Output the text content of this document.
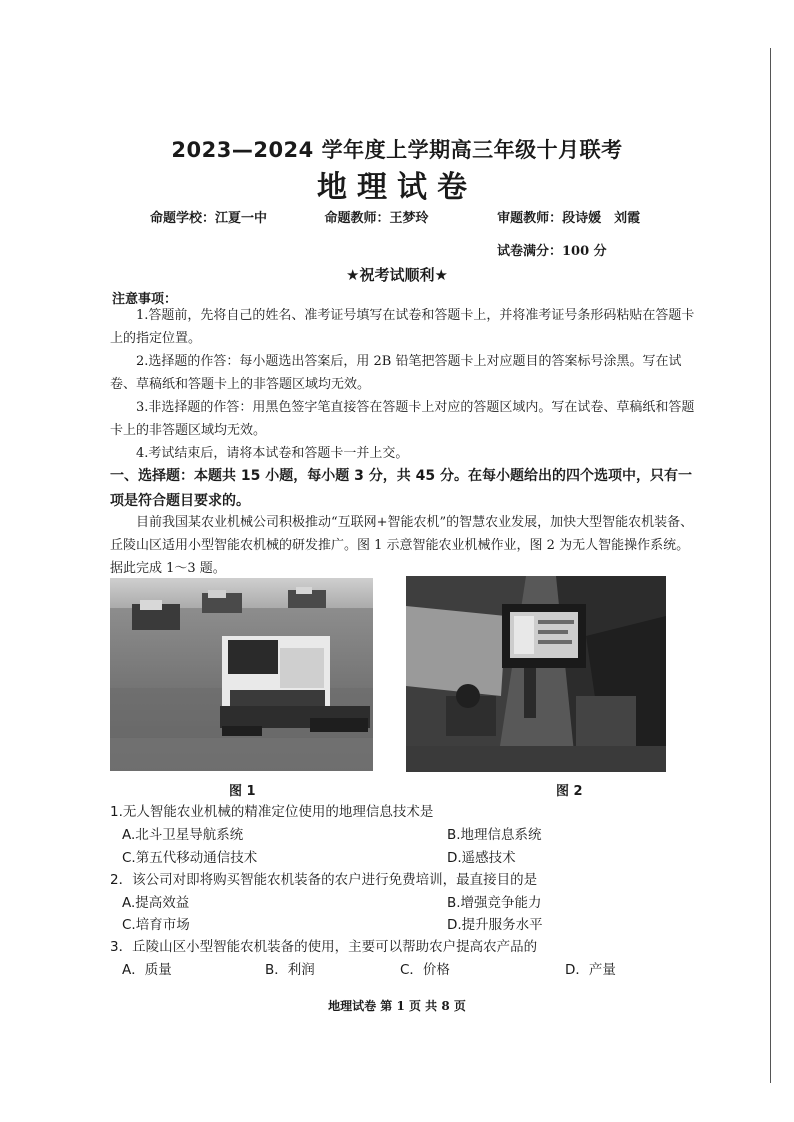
2023—2024 学年度上学期高三年级十月联考
地理试卷
命题学校：江夏一中	命题教师：王梦玲	审题教师：段诗媛　刘霞
试卷满分：100 分
★祝考试顺利★
注意事项：
1.答题前，先将自己的姓名、准考证号填写在试卷和答题卡上，并将准考证号条形码粘贴在答题卡上的指定位置。
2.选择题的作答：每小题选出答案后，用 2B 铅笔把答题卡上对应题目的答案标号涂黑。写在试卷、草稿纸和答题卡上的非答题区域均无效。
3.非选择题的作答：用黑色签字笔直接答在答题卡上对应的答题区域内。写在试卷、草稿纸和答题卡上的非答题区域均无效。
4.考试结束后，请将本试卷和答题卡一并上交。
一、选择题：本题共 15 小题，每小题 3 分，共 45 分。在每小题给出的四个选项中，只有一项是符合题目要求的。
目前我国某农业机械公司积极推动“互联网+智能农机”的智慧农业发展，加快大型智能农机装备、丘陵山区适用小型智能农机械的研发推广。图 1 示意智能农业机械作业，图 2 为无人智能操作系统。据此完成 1～3 题。
图 1	图 2
1.无人智能农业机械的精准定位使用的地理信息技术是
A.北斗卫星导航系统	B.地理信息系统
C.第五代移动通信技术	D.遥感技术
2．该公司对即将购买智能农机装备的农户进行免费培训，最直接目的是
A.提高效益	B.增强竞争能力
C.培育市场	D.提升服务水平
3．丘陵山区小型智能农机装备的使用，主要可以帮助农户提高农产品的
A．质量	B．利润	C．价格	D．产量
地理试卷 第 1 页 共 8 页
